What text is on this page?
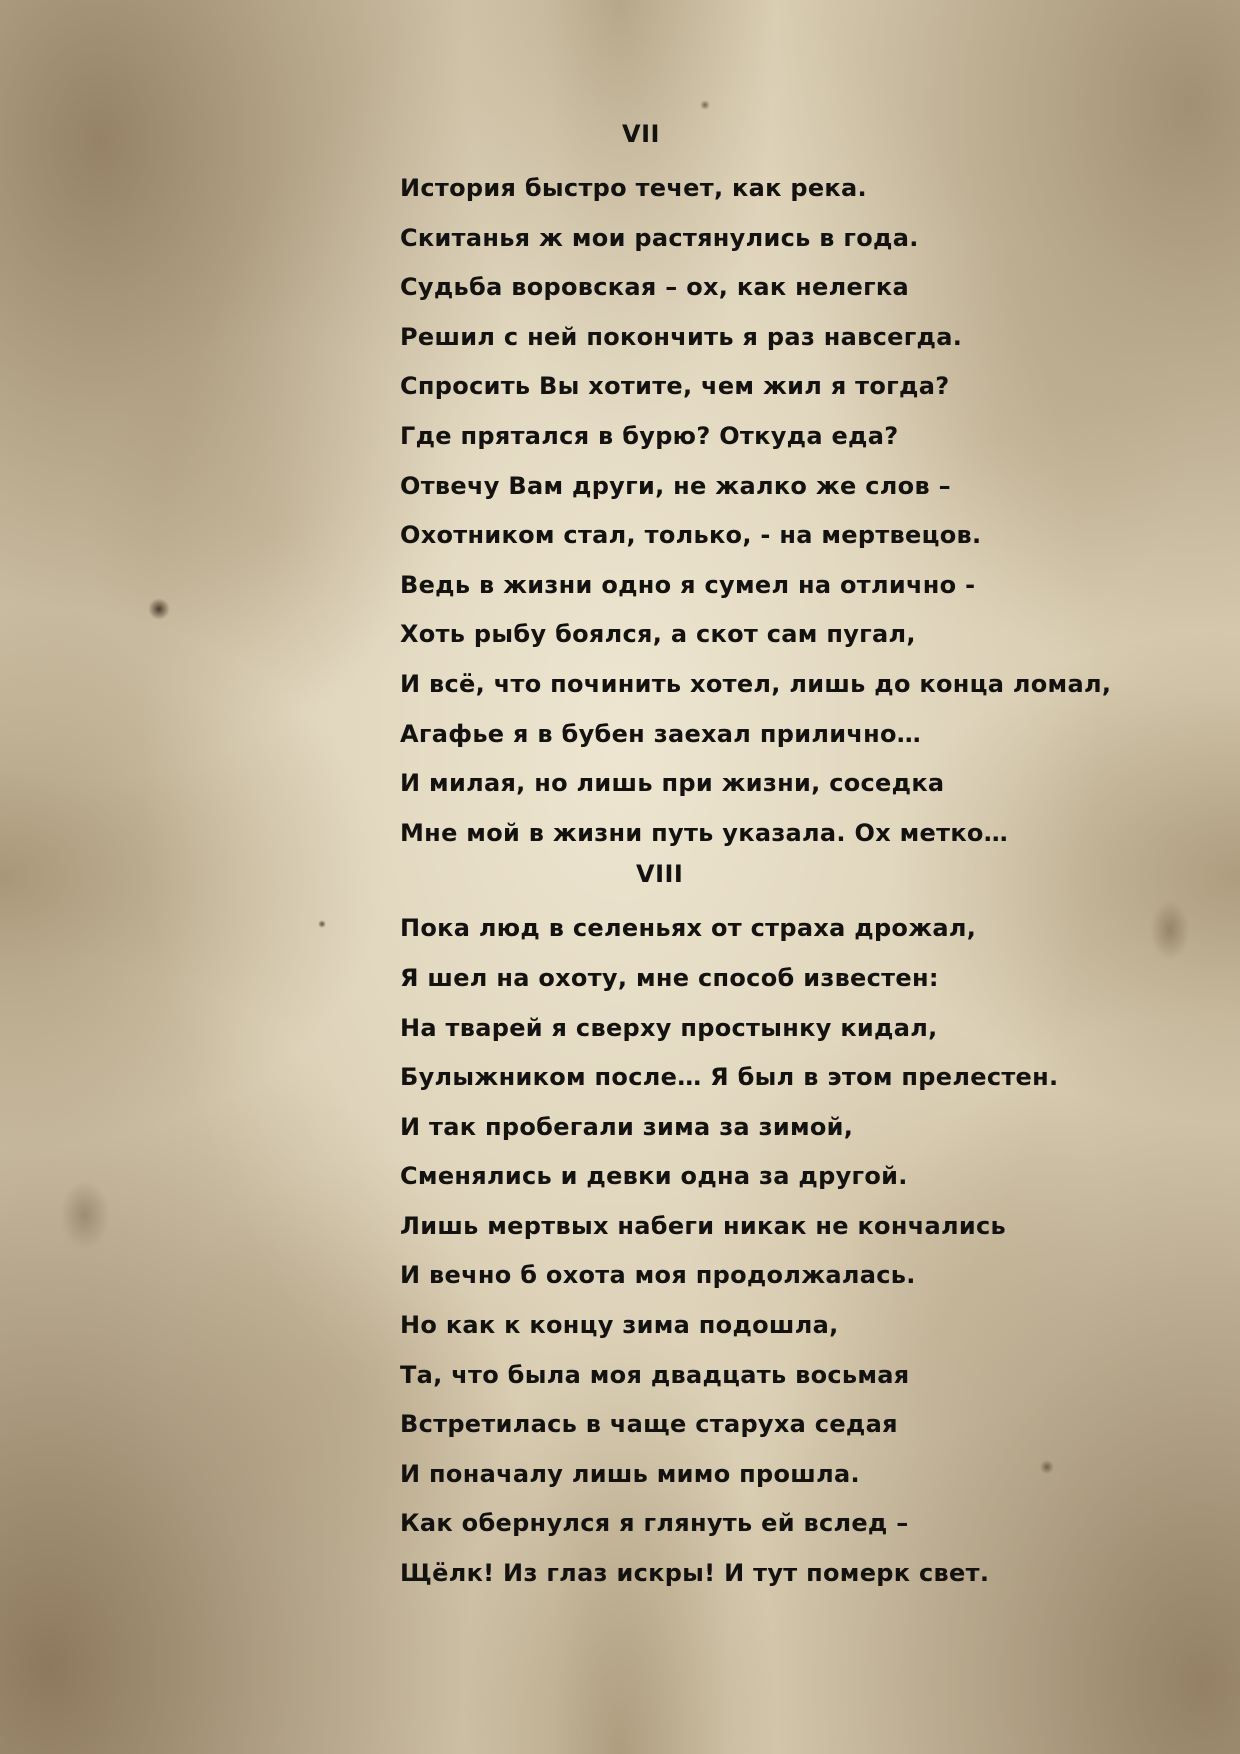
VII
История быстро течет, как река.
Скитанья ж мои растянулись в года.
Судьба воровская – ох, как нелегка
Решил с ней покончить я раз навсегда.
Спросить Вы хотите, чем жил я тогда?
Где прятался в бурю? Откуда еда?
Отвечу Вам други, не жалко же слов –
Охотником стал, только, - на мертвецов.
Ведь в жизни одно я сумел на отлично -
Хоть рыбу боялся, а скот сам пугал,
И всё, что починить хотел, лишь до конца ломал,
Агафье я в бубен заехал прилично…
И милая, но лишь при жизни, соседка
Мне мой в жизни путь указала. Ох метко…
VIII
Пока люд в селеньях от страха дрожал,
Я шел на охоту, мне способ известен:
На тварей я сверху простынку кидал,
Булыжником после… Я был в этом прелестен.
И так пробегали зима за зимой,
Сменялись и девки одна за другой.
Лишь мертвых набеги никак не кончались
И вечно б охота моя продолжалась.
Но как к концу зима подошла,
Та, что была моя двадцать восьмая
Встретилась в чаще старуха седая
И поначалу лишь мимо прошла.
Как обернулся я глянуть ей вслед –
Щёлк! Из глаз искры! И тут померк свет.
